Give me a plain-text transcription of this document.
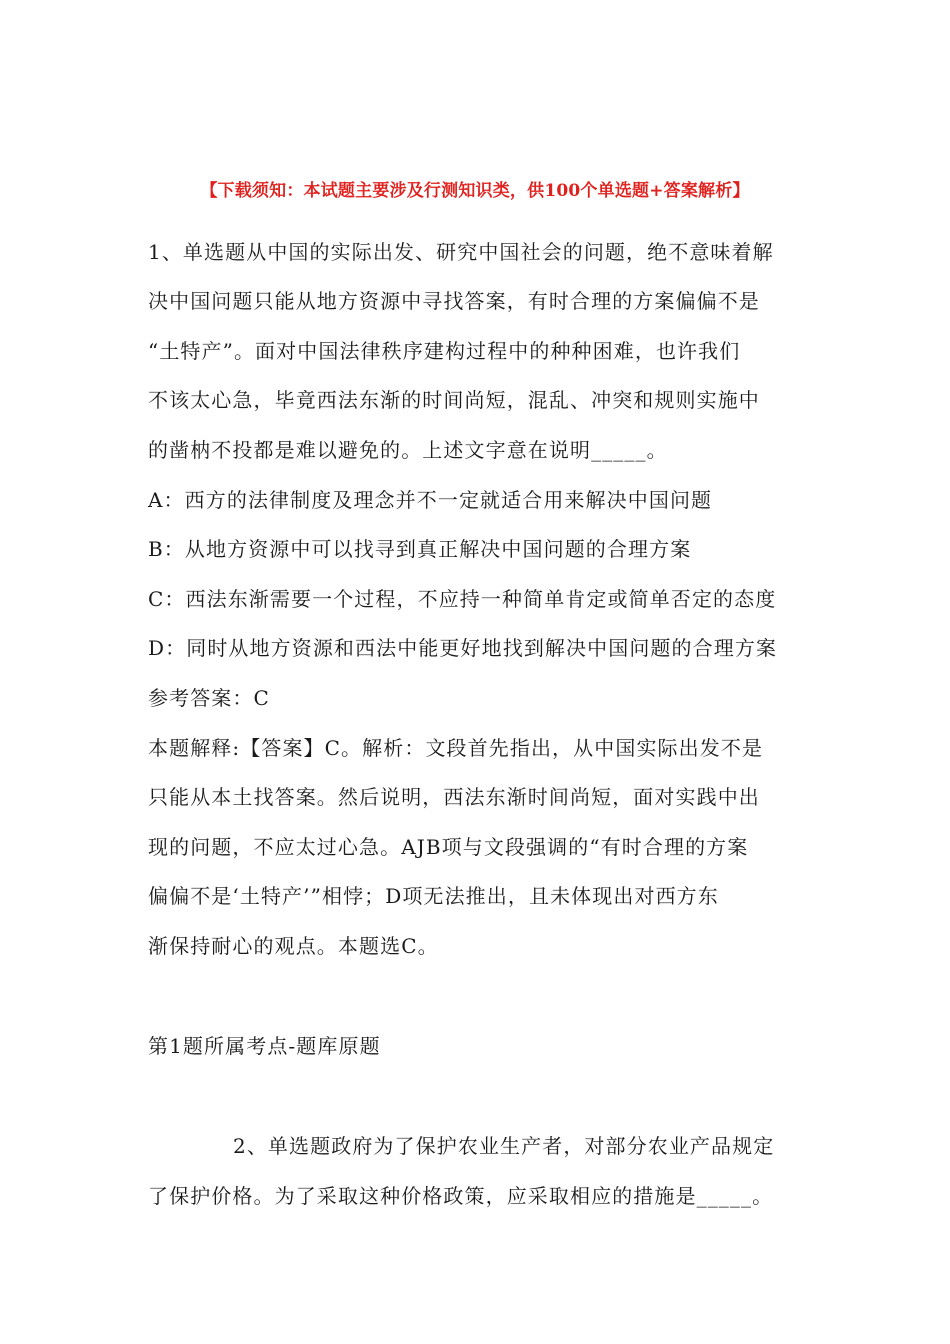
【下载须知：本试题主要涉及行测知识类，供100个单选题+答案解析】
1、单选题从中国的实际出发、研究中国社会的问题，绝不意味着解
决中国问题只能从地方资源中寻找答案，有时合理的方案偏偏不是
“土特产”。面对中国法律秩序建构过程中的种种困难，也许我们
不该太心急，毕竟西法东渐的时间尚短，混乱、冲突和规则实施中
的凿枘不投都是难以避免的。上述文字意在说明_____。
A：西方的法律制度及理念并不一定就适合用来解决中国问题
B：从地方资源中可以找寻到真正解决中国问题的合理方案
C：西法东渐需要一个过程，不应持一种简单肯定或简单否定的态度
D：同时从地方资源和西法中能更好地找到解决中国问题的合理方案
参考答案：C
本题解释:【答案】C。解析：文段首先指出，从中国实际出发不是
只能从本土找答案。然后说明，西法东渐时间尚短，面对实践中出
现的问题，不应太过心急。AJB项与文段强调的“有时合理的方案
偏偏不是‘土特产’”相悖；D项无法推出，且未体现出对西方东
渐保持耐心的观点。本题选C。
第1题所属考点-题库原题
2、单选题政府为了保护农业生产者，对部分农业产品规定
了保护价格。为了采取这种价格政策，应采取相应的措施是_____。
